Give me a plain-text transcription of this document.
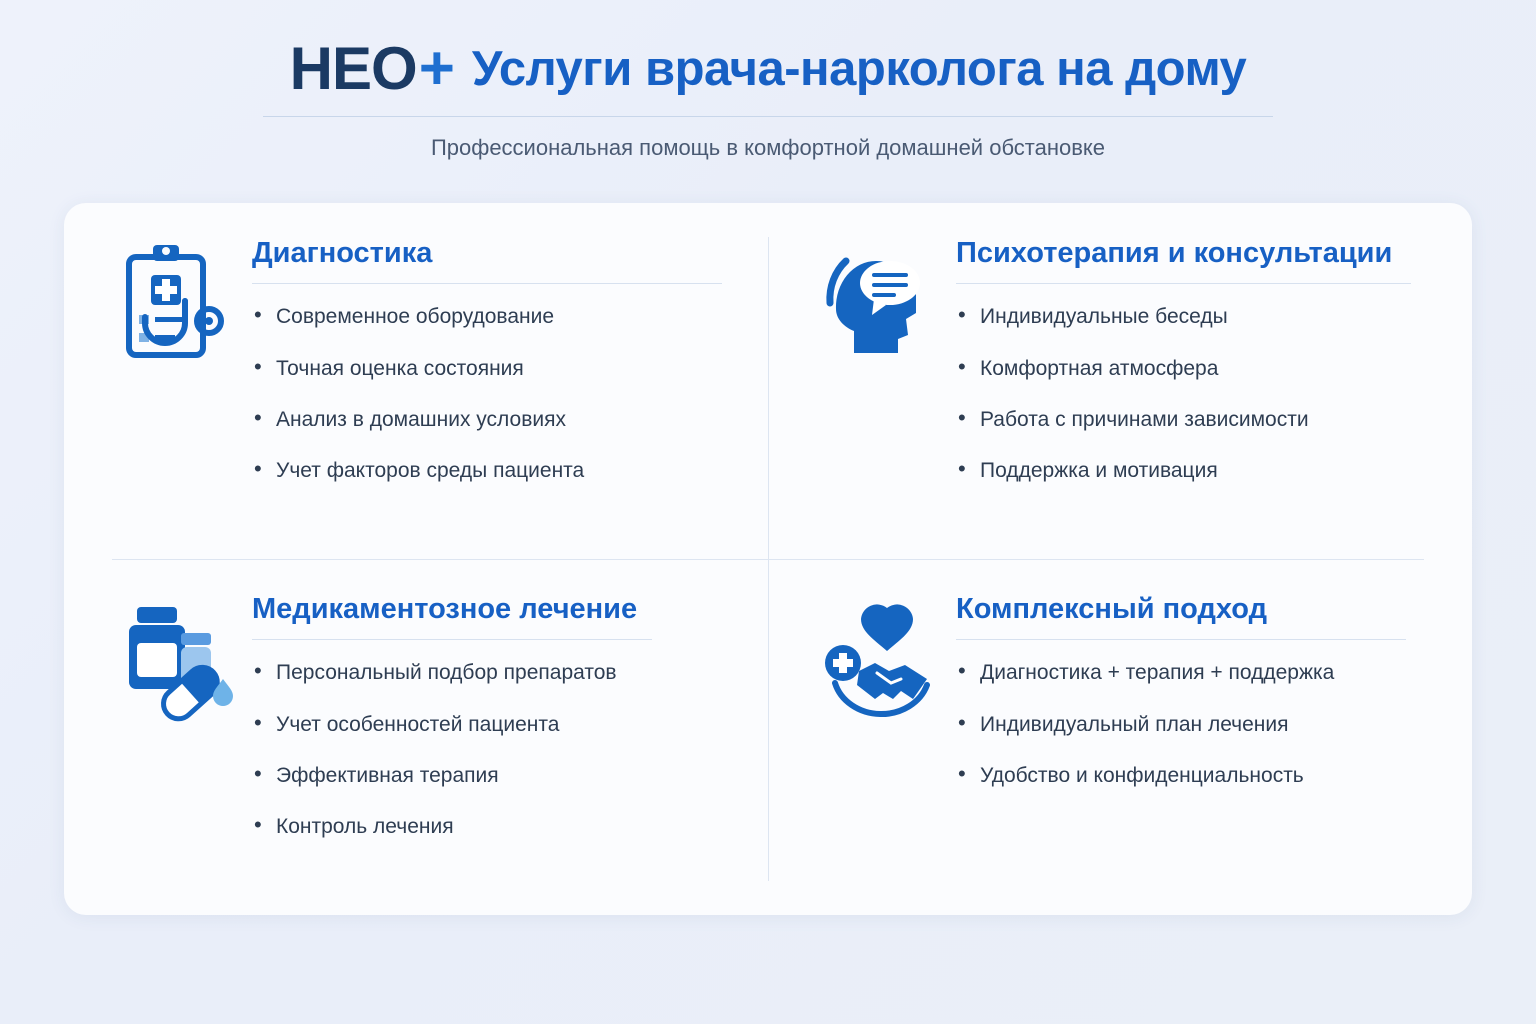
HEO + Услуги врача-нарколога на дому
Профессиональная помощь в комфортной домашней обстановке
Диагностика
• Современное оборудование
• Точная оценка состояния
• Анализ в домашних условиях
• Учет факторов среды пациента
Психотерапия и консультации
• Индивидуальные беседы
• Комфортная атмосфера
• Работа с причинами зависимости
• Поддержка и мотивация
Медикаментозное лечение
• Персональный подбор препаратов
• Учет особенностей пациента
• Эффективная терапия
• Контроль лечения
Комплексный подход
• Диагностика + терапия + поддержка
• Индивидуальный план лечения
• Удобство и конфиденциальность
